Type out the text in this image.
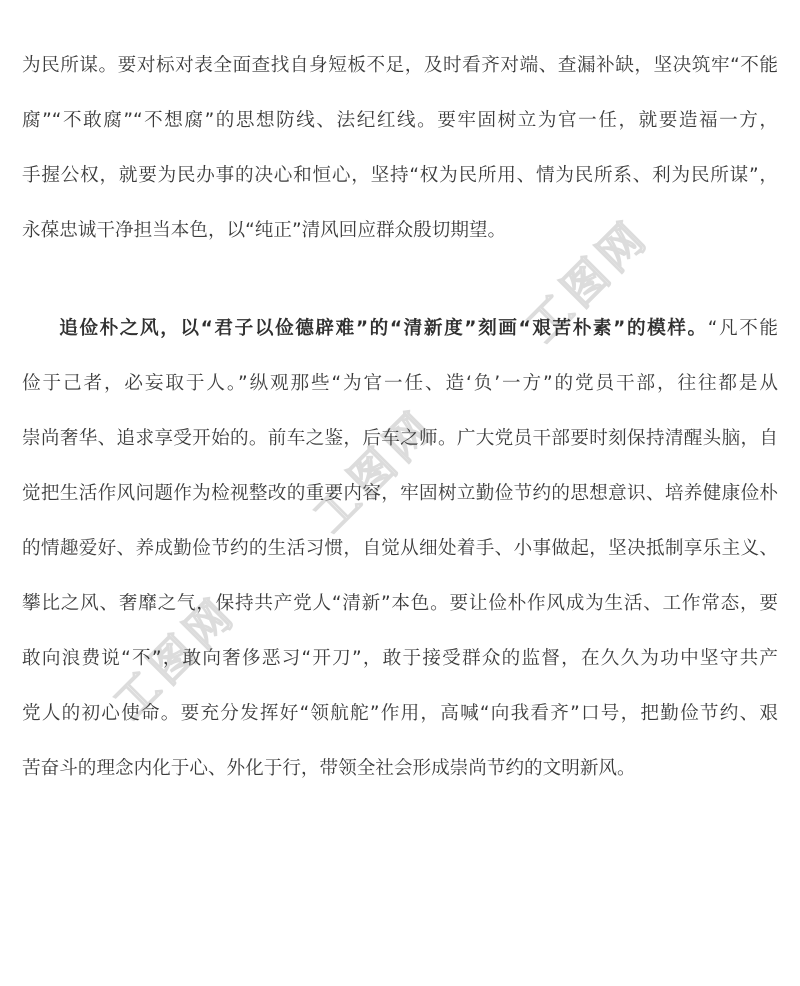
工图网
工图网
工图网
为民所谋。要对标对表全面查找自身短板不足，及时看齐对端、查漏补缺，坚决筑牢“不能
腐”“不敢腐”“不想腐”的思想防线、法纪红线。要牢固树立为官一任，就要造福一方，
手握公权，就要为民办事的决心和恒心，坚持“权为民所用、情为民所系、利为民所谋”，
永葆忠诚干净担当本色，以“纯正”清风回应群众殷切期望。
追俭朴之风，以“君子以俭德辟难”的“清新度”刻画“艰苦朴素”的模样。“凡不能
俭于己者，必妄取于人。”纵观那些“为官一任、造‘负’一方”的党员干部，往往都是从
崇尚奢华、追求享受开始的。前车之鉴，后车之师。广大党员干部要时刻保持清醒头脑，自
觉把生活作风问题作为检视整改的重要内容，牢固树立勤俭节约的思想意识、培养健康俭朴
的情趣爱好、养成勤俭节约的生活习惯，自觉从细处着手、小事做起，坚决抵制享乐主义、
攀比之风、奢靡之气，保持共产党人“清新”本色。要让俭朴作风成为生活、工作常态，要
敢向浪费说“不”，敢向奢侈恶习“开刀”，敢于接受群众的监督，在久久为功中坚守共产
党人的初心使命。要充分发挥好“领航舵”作用，高喊“向我看齐”口号，把勤俭节约、艰
苦奋斗的理念内化于心、外化于行，带领全社会形成崇尚节约的文明新风。
